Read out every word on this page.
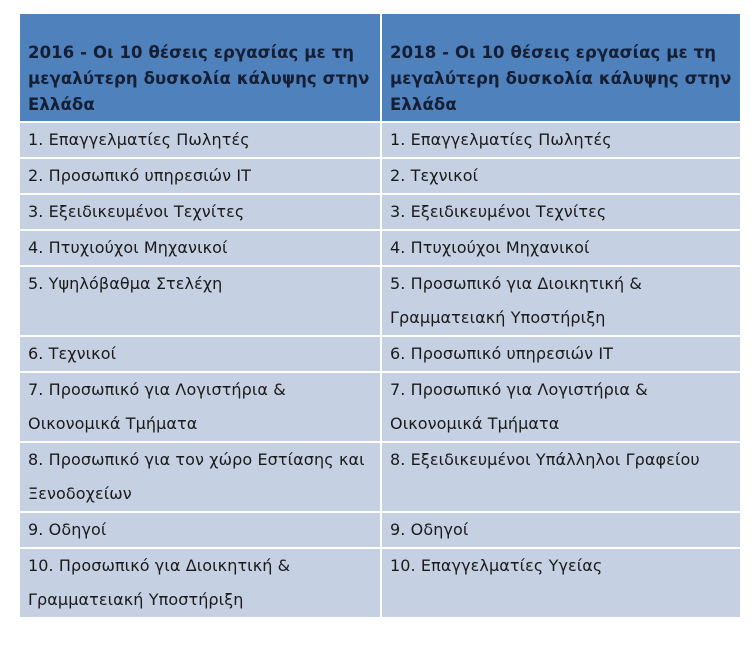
2016 - Οι 10 θέσεις εργασίας με τη μεγαλύτερη δυσκολία κάλυψης στην Ελλάδα	2018 - Οι 10 θέσεις εργασίας με τη μεγαλύτερη δυσκολία κάλυψης στην Ελλάδα
1. Επαγγελματίες Πωλητές	1. Επαγγελματίες Πωλητές
2. Προσωπικό υπηρεσιών IT	2. Τεχνικοί
3. Εξειδικευμένοι Τεχνίτες	3. Εξειδικευμένοι Τεχνίτες
4. Πτυχιούχοι Μηχανικοί	4. Πτυχιούχοι Μηχανικοί
5. Υψηλόβαθμα Στελέχη	5. Προσωπικό για Διοικητική & Γραμματειακή Υποστήριξη
6. Τεχνικοί	6. Προσωπικό υπηρεσιών IT
7. Προσωπικό για Λογιστήρια & Οικονομικά Τμήματα	7. Προσωπικό για Λογιστήρια & Οικονομικά Τμήματα
8. Προσωπικό για τον χώρο Εστίασης και Ξενοδοχείων	8. Εξειδικευμένοι Υπάλληλοι Γραφείου
9. Οδηγοί	9. Οδηγοί
10. Προσωπικό για Διοικητική & Γραμματειακή Υποστήριξη	10. Επαγγελματίες Υγείας
